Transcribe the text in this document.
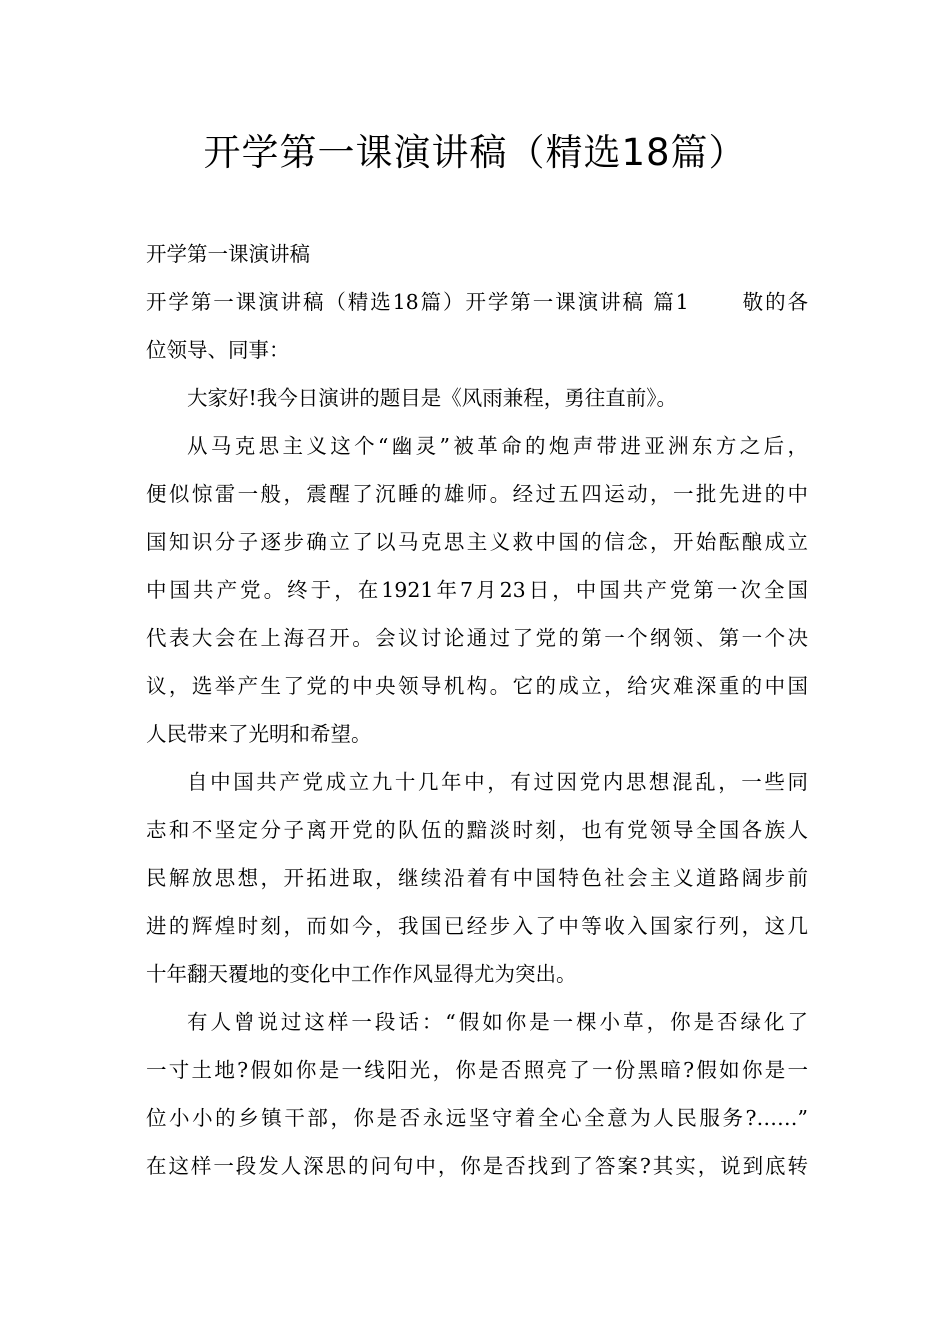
开学第一课演讲稿（精选18篇）
开学第一课演讲稿
开学第一课演讲稿（精选18篇）开学第一课演讲稿 篇1	敬的各
位领导、同事：
大家好!我今日演讲的题目是《风雨兼程，勇往直前》。
从马克思主义这个“幽灵”被革命的炮声带进亚洲东方之后，
便似惊雷一般，震醒了沉睡的雄师。经过五四运动，一批先进的中
国知识分子逐步确立了以马克思主义救中国的信念，开始酝酿成立
中国共产党。终于，在1921年7月23日，中国共产党第一次全国
代表大会在上海召开。会议讨论通过了党的第一个纲领、第一个决
议，选举产生了党的中央领导机构。它的成立，给灾难深重的中国
人民带来了光明和希望。
自中国共产党成立九十几年中，有过因党内思想混乱，一些同
志和不坚定分子离开党的队伍的黯淡时刻，也有党领导全国各族人
民解放思想，开拓进取，继续沿着有中国特色社会主义道路阔步前
进的辉煌时刻，而如今，我国已经步入了中等收入国家行列，这几
十年翻天覆地的变化中工作作风显得尤为突出。
有人曾说过这样一段话：“假如你是一棵小草，你是否绿化了
一寸土地?假如你是一线阳光，你是否照亮了一份黑暗?假如你是一
位小小的乡镇干部，你是否永远坚守着全心全意为人民服务?……”
在这样一段发人深思的问句中，你是否找到了答案?其实，说到底转
